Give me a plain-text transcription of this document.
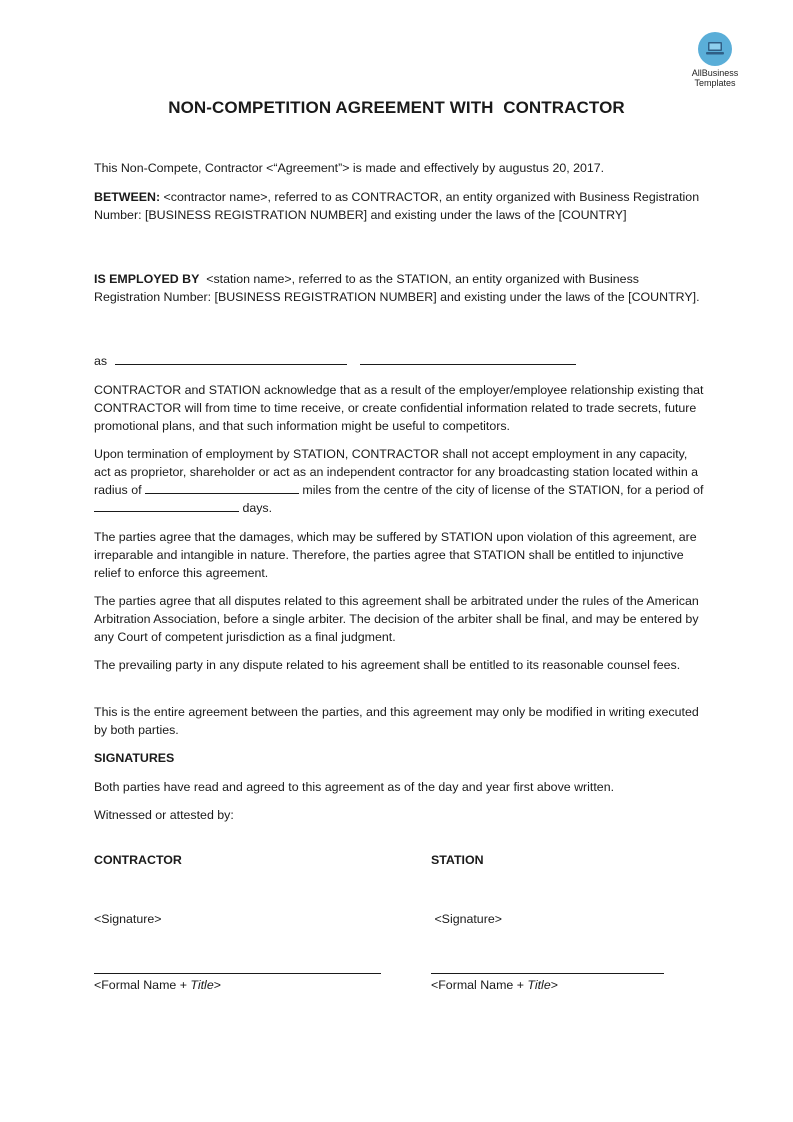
AllBusiness
Templates
NON-COMPETITION AGREEMENT WITH  CONTRACTOR
This Non-Compete, Contractor <“Agreement”> is made and effectively by augustus 20, 2017.
BETWEEN: <contractor name>, referred to as CONTRACTOR, an entity organized with Business Registration Number: [BUSINESS REGISTRATION NUMBER] and existing under the laws of the [COUNTRY]
IS EMPLOYED BY  <station name>, referred to as the STATION, an entity organized with Business Registration Number: [BUSINESS REGISTRATION NUMBER] and existing under the laws of the [COUNTRY].
as
CONTRACTOR and STATION acknowledge that as a result of the employer/employee relationship existing that CONTRACTOR will from time to time receive, or create confidential information related to trade secrets, future promotional plans, and that such information might be useful to competitors.
Upon termination of employment by STATION, CONTRACTOR shall not accept employment in any capacity, act as proprietor, shareholder or act as an independent contractor for any broadcasting station located within a radius of	miles from the centre of the city of license of the STATION, for a period of  days.
The parties agree that the damages, which may be suffered by STATION upon violation of this agreement, are irreparable and intangible in nature. Therefore, the parties agree that STATION shall be entitled to injunctive relief to enforce this agreement.
The parties agree that all disputes related to this agreement shall be arbitrated under the rules of the American Arbitration Association, before a single arbiter. The decision of the arbiter shall be final, and may be entered by any Court of competent jurisdiction as a final judgment.
The prevailing party in any dispute related to his agreement shall be entitled to its reasonable counsel fees.
This is the entire agreement between the parties, and this agreement may only be modified in writing executed by both parties.
SIGNATURES
Both parties have read and agreed to this agreement as of the day and year first above written.
Witnessed or attested by:
CONTRACTOR
<Signature>
<Formal Name + Title>
STATION
<Signature>
<Formal Name + Title>
